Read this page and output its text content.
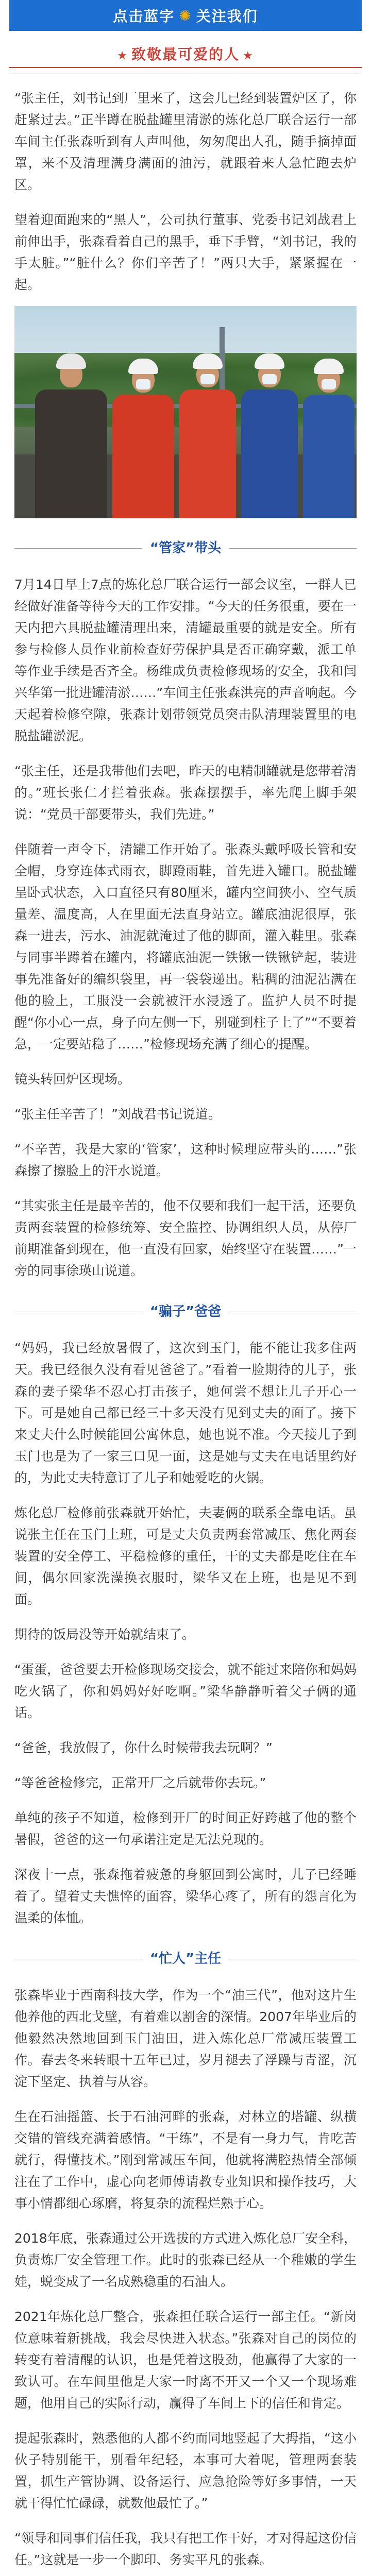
点击蓝字 ✺ 关注我们
★ 致敬最可爱的人 ★

“张主任，刘书记到厂里来了，这会儿已经到装置炉区了，你赶紧过去。”正半蹲在脱盐罐里清淤的炼化总厂联合运行一部车间主任张森听到有人声叫他，匆匆爬出人孔，随手摘掉面罩，来不及清理满身满面的油污，就跟着来人急忙跑去炉区。

望着迎面跑来的“黑人”，公司执行董事、党委书记刘战君上前伸出手，张森看着自己的黑手，垂下手臂，“刘书记，我的手太脏。”“脏什么？你们辛苦了！”两只大手，紧紧握在一起。

“管家”带头

7月14日早上7点的炼化总厂联合运行一部会议室，一群人已经做好准备等待今天的工作安排。“今天的任务很重，要在一天内把六具脱盐罐清理出来，清罐最重要的就是安全。所有参与检修人员作业前检查好劳保护具是否正确穿戴，派工单等作业手续是否齐全。杨维成负责检修现场的安全，我和闫兴华第一批进罐清淤……”车间主任张森洪亮的声音响起。今天起着检修空隙，张森计划带领党员突击队清理装置里的电脱盐罐淤泥。

“张主任，还是我带他们去吧，昨天的电精制罐就是您带着清的。”班长张仁才拦着张森。张森摆摆手，率先爬上脚手架说：“党员干部要带头，我们先进。”

伴随着一声令下，清罐工作开始了。张森头戴呼吸长管和安全帽，身穿连体式雨衣，脚蹬雨鞋，首先进入罐口。脱盐罐呈卧式状态，入口直径只有80厘米，罐内空间狭小、空气质量差、温度高，人在里面无法直身站立。罐底油泥很厚，张森一进去，污水、油泥就淹过了他的脚面，灌入鞋里。张森与同事半蹲着在罐内，将罐底油泥一铁锹一铁锹铲起，装进事先准备好的编织袋里，再一袋袋递出。粘稠的油泥沾满在他的脸上，工服没一会就被汗水浸透了。监护人员不时提醒“你小心一点，身子向左侧一下，别碰到柱子上了”“不要着急，一定要站稳了……”检修现场充满了细心的提醒。

镜头转回炉区现场。

“张主任辛苦了！”刘战君书记说道。

“不辛苦，我是大家的‘管家’，这种时候理应带头的……”张森擦了擦脸上的汗水说道。

“其实张主任是最辛苦的，他不仅要和我们一起干活，还要负责两套装置的检修统筹、安全监控、协调组织人员，从停厂前期准备到现在，他一直没有回家，始终坚守在装置……”一旁的同事徐瑛山说道。

“骗子”爸爸

“妈妈，我已经放暑假了，这次到玉门，能不能让我多住两天。我已经很久没有看见爸爸了。”看着一脸期待的儿子，张森的妻子梁华不忍心打击孩子，她何尝不想让儿子开心一下。可是她自己都已经三十多天没有见到丈夫的面了。接下来丈夫什么时候能回公寓休息，她也说不准。今天接儿子到玉门也是为了一家三口见一面，这是她与丈夫在电话里约好的，为此丈夫特意订了儿子和她爱吃的火锅。

炼化总厂检修前张森就开始忙，夫妻俩的联系全靠电话。虽说张主任在玉门上班，可是丈夫负责两套常减压、焦化两套装置的安全停工、平稳检修的重任，干的丈夫都是吃住在车间，偶尔回家洗澡换衣服时，梁华又在上班，也是见不到面。

期待的饭局没等开始就结束了。

“蛋蛋，爸爸要去开检修现场交接会，就不能过来陪你和妈妈吃火锅了，你和妈妈好好吃啊。”梁华静静听着父子俩的通话。

“爸爸，我放假了，你什么时候带我去玩啊？”

“等爸爸检修完，正常开厂之后就带你去玩。”

单纯的孩子不知道，检修到开厂的时间正好跨越了他的整个暑假，爸爸的这一句承诺注定是无法兑现的。

深夜十一点，张森拖着疲惫的身躯回到公寓时，儿子已经睡着了。望着丈夫憔悴的面容，梁华心疼了，所有的怨言化为温柔的体恤。

“忙人”主任

张森毕业于西南科技大学，作为一个“油三代”，他对这片生他养他的西北戈壁，有着难以割舍的深情。2007年毕业后的他毅然决然地回到玉门油田，进入炼化总厂常减压装置工作。春去冬来转眼十五年已过，岁月褪去了浮躁与青涩，沉淀下坚定、执着与从容。

生在石油摇篮、长于石油河畔的张森，对林立的塔罐、纵横交错的管线充满着感情。“干练”，不是有一身力气，肯吃苦就行，得懂技术。”刚到常减压车间，他就将满腔热情全部倾注在了工作中，虚心向老师傅请教专业知识和操作技巧，大事小情都细心琢磨，将复杂的流程烂熟于心。

2018年底，张森通过公开选拔的方式进入炼化总厂安全科，负责炼厂安全管理工作。此时的张森已经从一个稚嫩的学生娃，蜕变成了一名成熟稳重的石油人。

2021年炼化总厂整合，张森担任联合运行一部主任。“新岗位意味着新挑战，我会尽快进入状态。”张森对自己的岗位的转变有着清醒的认识，也是凭着这股劲，他赢得了大家的一致认可。在车间里他是大家一时离不开又一个又一个现场难题，他用自己的实际行动，赢得了车间上下的信任和肯定。

提起张森时，熟悉他的人都不约而同地竖起了大拇指，“这小伙子特别能干，别看年纪轻，本事可大着呢，管理两套装置，抓生产管协调、设备运行、应急抢险等好多事情，一天就干得忙忙碌碌，就数他最忙了。”

“领导和同事们信任我，我只有把工作干好，才对得起这份信任。”这就是一步一个脚印、务实平凡的张森。
